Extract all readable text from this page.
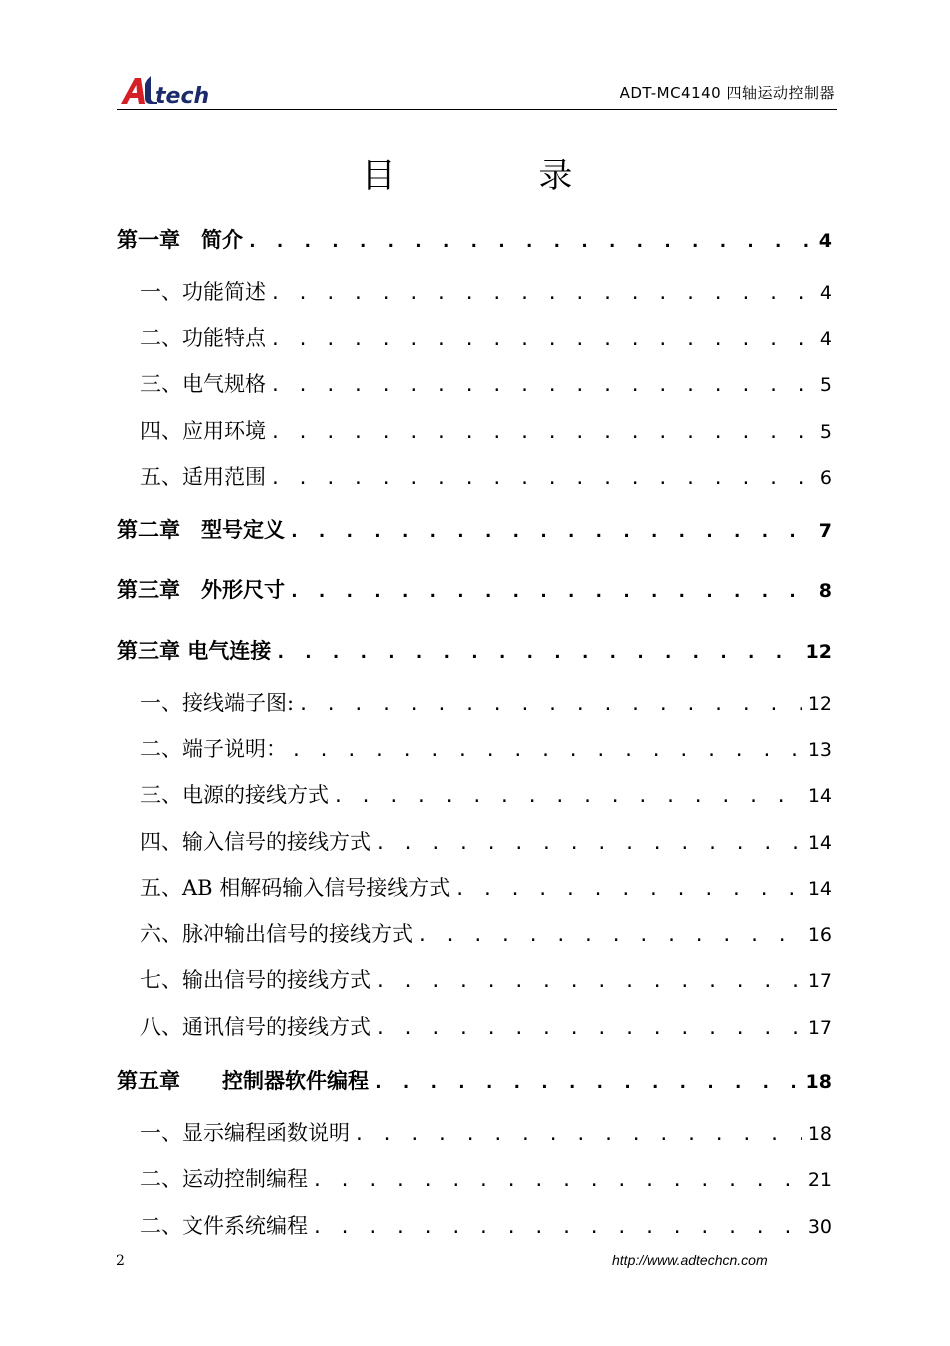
tech	ADT-MC4140 四轴运动控制器
目 录
第一章　简介 . . .	4
一、功能简述 . . .	4
二、功能特点 . . .	4
三、电气规格 . . .	5
四、应用环境 . . .	5
五、适用范围 . . .	6
第二章　型号定义 . . .	7
第三章　外形尺寸 . . .	8
第三章 电气连接 . . .	12
一、接线端子图: . . .	12
二、端子说明： . . .	13
三、电源的接线方式 . . .	14
四、输入信号的接线方式 . . .	14
五、AB 相解码输入信号接线方式 . . .	14
六、脉冲输出信号的接线方式 . . .	16
七、输出信号的接线方式 . . .	17
八、通讯信号的接线方式 . . .	17
第五章　　控制器软件编程 . . .	18
一、显示编程函数说明 . . .	18
二、运动控制编程 . . .	21
二、文件系统编程 . . .	30
2	http://www.adtechcn.com
